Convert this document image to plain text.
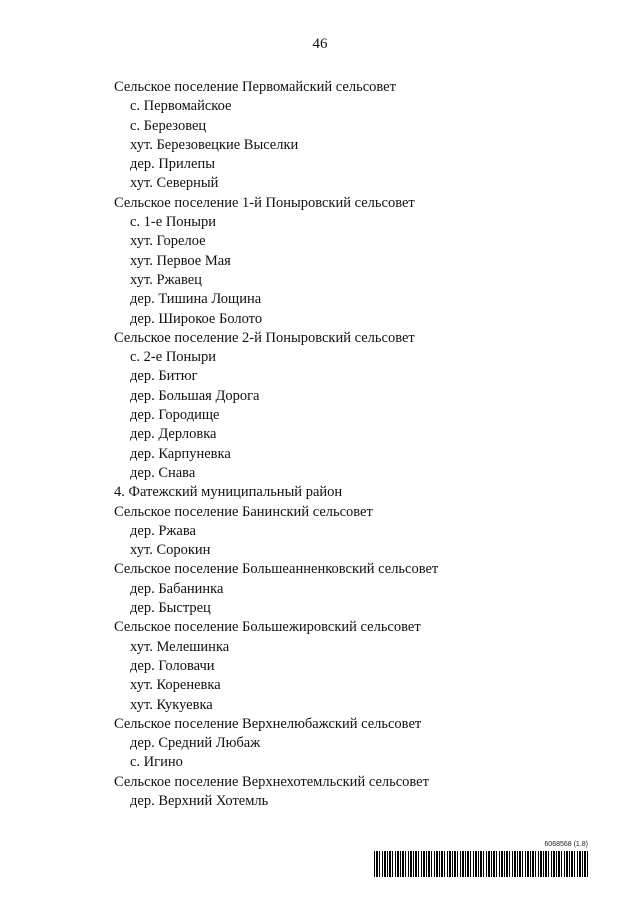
46
Сельское поселение Первомайский сельсовет
с. Первомайское
с. Березовец
хут. Березовецкие Выселки
дер. Прилепы
хут. Северный
Сельское поселение 1-й Поныровский сельсовет
с. 1-е Поныри
хут. Горелое
хут. Первое Мая
хут. Ржавец
дер. Тишина Лощина
дер. Широкое Болото
Сельское поселение 2-й Поныровский сельсовет
с. 2-е Поныри
дер. Битюг
дер. Большая Дорога
дер. Городище
дер. Дерловка
дер. Карпуневка
дер. Снава
4. Фатежский муниципальный район
Сельское поселение Банинский сельсовет
дер. Ржава
хут. Сорокин
Сельское поселение Большеанненковский сельсовет
дер. Бабанинка
дер. Быстрец
Сельское поселение Большежировский сельсовет
хут. Мелешинка
дер. Головачи
хут. Кореневка
хут. Кукуевка
Сельское поселение Верхнелюбажский сельсовет
дер. Средний Любаж
с. Игино
Сельское поселение Верхнехотемльский сельсовет
дер. Верхний Хотемль
6068568 (1.8)
